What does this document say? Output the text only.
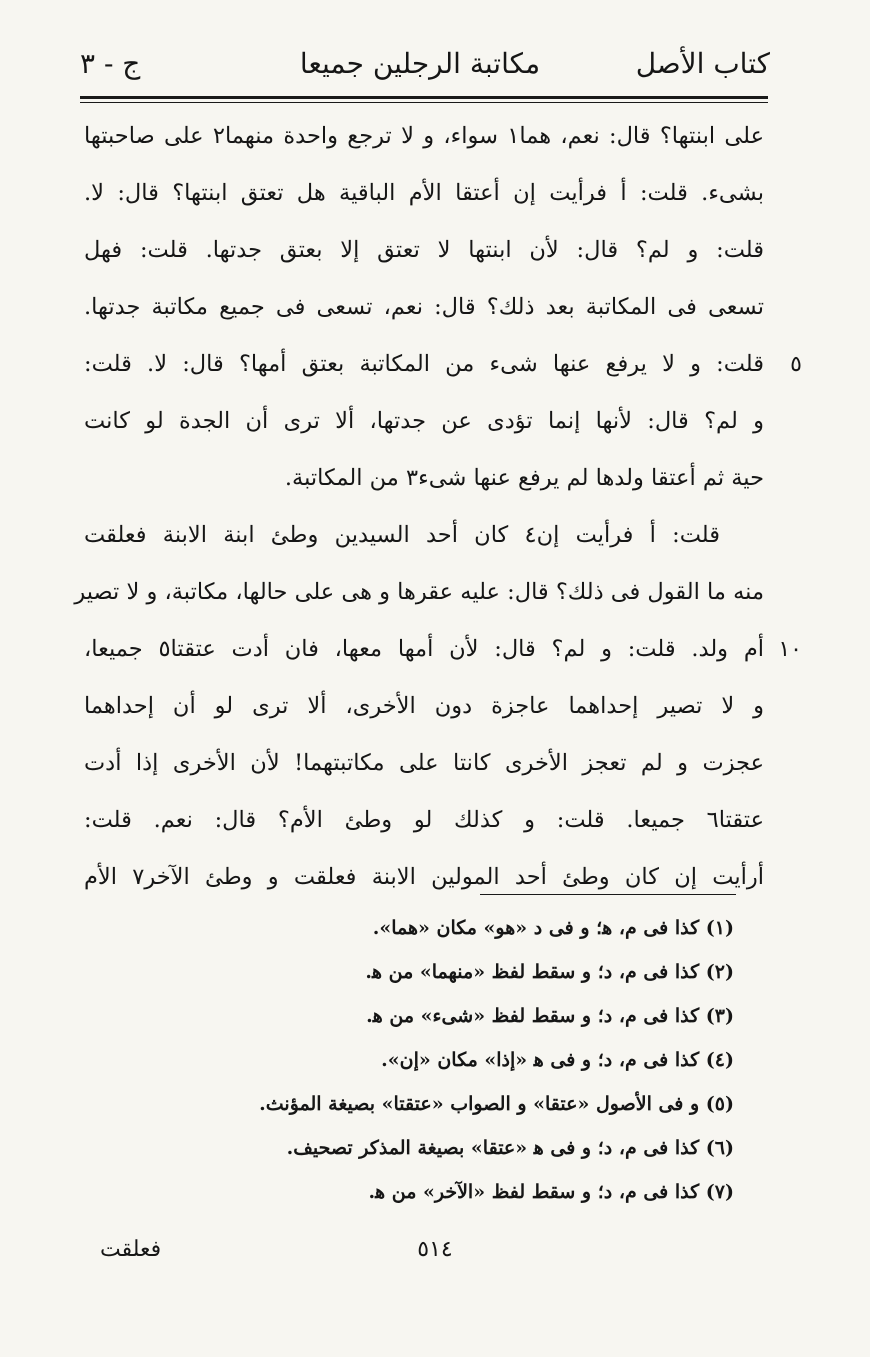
كتاب الأصل
مكاتبة الرجلين جميعا
ج - ٣
على ابنتها؟ قال: نعم، هما١ سواء، و لا ترجع واحدة منهما٢ على صاحبتها
بشىء. قلت: أ فرأيت إن أعتقا الأم الباقية هل تعتق ابنتها؟ قال: لا.
قلت: و لم؟ قال: لأن ابنتها لا تعتق إلا بعتق جدتها. قلت: فهل
تسعى فى المكاتبة بعد ذلك؟ قال: نعم، تسعى فى جميع مكاتبة جدتها.
قلت: و لا يرفع عنها شىء من المكاتبة بعتق أمها؟ قال: لا. قلت: ٥
و لم؟ قال: لأنها إنما تؤدى عن جدتها، ألا ترى أن الجدة لو كانت
حية ثم أعتقا ولدها لم يرفع عنها شىء٣ من المكاتبة.
قلت: أ فرأيت إن٤ كان أحد السيدين وطئ ابنة الابنة فعلقت
منه ما القول فى ذلك؟ قال: عليه عقرها و هى على حالها، مكاتبة، و لا تصير
أم ولد. قلت: و لم؟ قال: لأن أمها معها، فان أدت عتقتا٥ جميعا، ١٠
و لا تصير إحداهما عاجزة دون الأخرى، ألا ترى لو أن إحداهما
عجزت و لم تعجز الأخرى كانتا على مكاتبتهما! لأن الأخرى إذا أدت
عتقتا٦ جميعا. قلت: و كذلك لو وطئ الأم؟ قال: نعم. قلت:
أرأيت إن كان وطئ أحد المولين الابنة فعلقت و وطئ الآخر٧ الأم
(١) كذا فى م، ﻫ؛ و فى د «هو» مكان «هما».
(٢) كذا فى م، د؛ و سقط لفظ «منهما» من ﻫ.
(٣) كذا فى م، د؛ و سقط لفظ «شىء» من ﻫ.
(٤) كذا فى م، د؛ و فى ﻫ «إذا» مكان «إن».
(٥) و فى الأصول «عتقا» و الصواب «عتقتا» بصيغة المؤنث.
(٦) كذا فى م، د؛ و فى ﻫ «عتقا» بصيغة المذكر تصحيف.
(٧) كذا فى م، د؛ و سقط لفظ «الآخر» من ﻫ.
٥١٤
فعلقت
